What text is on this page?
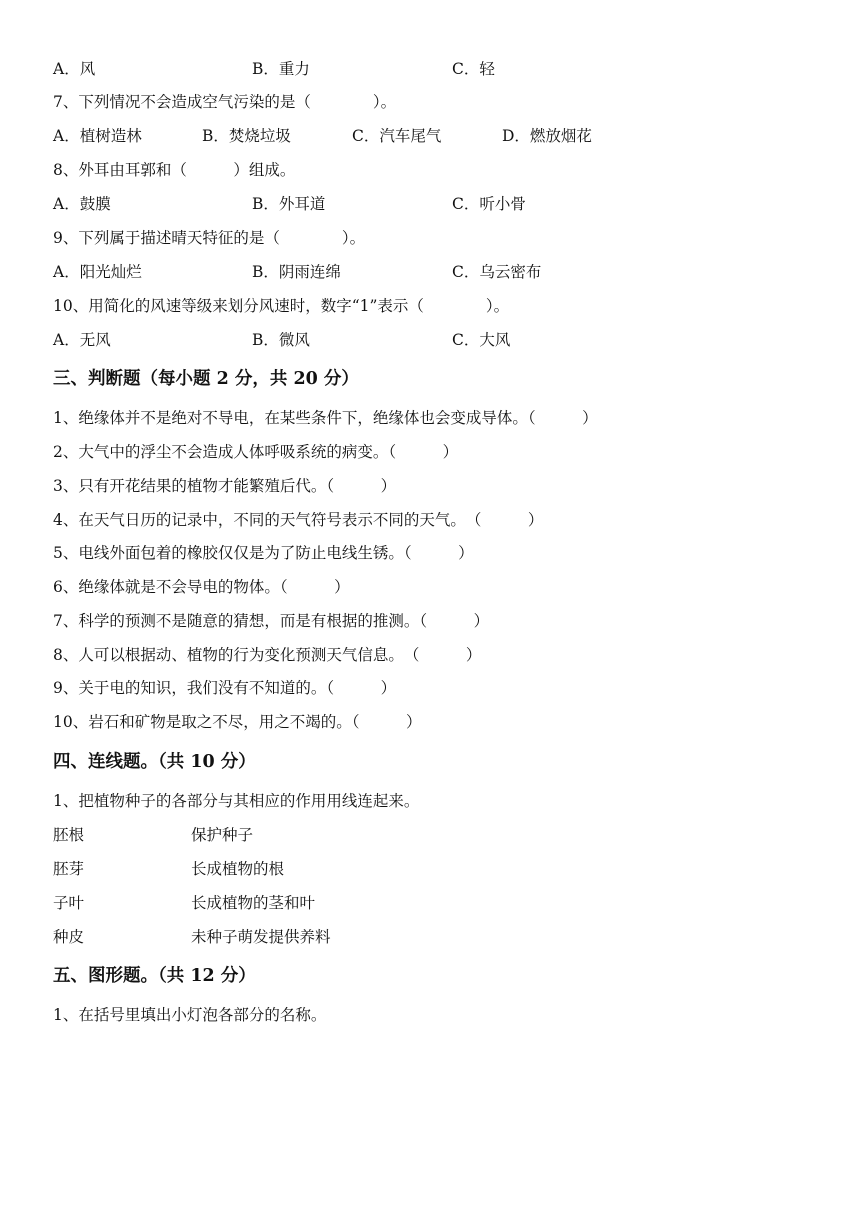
A．风	B．重力	C．轻
7、下列情况不会造成空气污染的是（　　　　）。
A．植树造林	B．焚烧垃圾	C．汽车尾气	D．燃放烟花
8、外耳由耳郭和（　　　）组成。
A．鼓膜	B．外耳道	C．听小骨
9、下列属于描述晴天特征的是（　　　　）。
A．阳光灿烂	B．阴雨连绵	C．乌云密布
10、用简化的风速等级来划分风速时，数字“1”表示（　　　　）。
A．无风	B．微风	C．大风
三、判断题（每小题 2 分，共 20 分）
1、绝缘体并不是绝对不导电，在某些条件下，绝缘体也会变成导体。（　　　）
2、大气中的浮尘不会造成人体呼吸系统的病变。（　　　）
3、只有开花结果的植物才能繁殖后代。（　　　）
4、在天气日历的记录中，不同的天气符号表示不同的天气。　（　　　）
5、电线外面包着的橡胶仅仅是为了防止电线生锈。（　　　）
6、绝缘体就是不会导电的物体。（　　　）
7、科学的预测不是随意的猜想，而是有根据的推测。（　　　）
8、人可以根据动、植物的行为变化预测天气信息。　（　　　）
9、关于电的知识，我们没有不知道的。（　　　）
10、岩石和矿物是取之不尽，用之不竭的。（　　　）
四、连线题。（共 10 分）
1、把植物种子的各部分与其相应的作用用线连起来。
胚根	保护种子
胚芽	长成植物的根
子叶	长成植物的茎和叶
种皮	未种子萌发提供养料
五、图形题。（共 12 分）
1、在括号里填出小灯泡各部分的名称。
